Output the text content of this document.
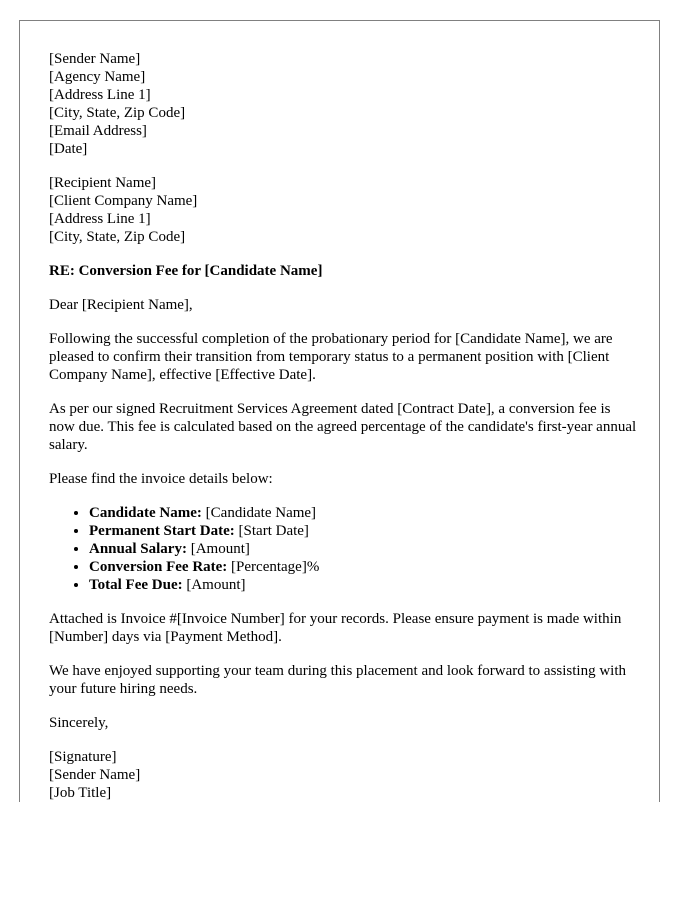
[Sender Name]
[Agency Name]
[Address Line 1]
[City, State, Zip Code]
[Email Address]
[Date]
[Recipient Name]
[Client Company Name]
[Address Line 1]
[City, State, Zip Code]

RE: Conversion Fee for [Candidate Name]

Dear [Recipient Name],

Following the successful completion of the probationary period for [Candidate Name], we are pleased to confirm their transition from temporary status to a permanent position with [Client Company Name], effective [Effective Date].

As per our signed Recruitment Services Agreement dated [Contract Date], a conversion fee is now due. This fee is calculated based on the agreed percentage of the candidate's first-year annual salary.

Please find the invoice details below:

• Candidate Name: [Candidate Name]
• Permanent Start Date: [Start Date]
• Annual Salary: [Amount]
• Conversion Fee Rate: [Percentage]%
• Total Fee Due: [Amount]

Attached is Invoice #[Invoice Number] for your records. Please ensure payment is made within [Number] days via [Payment Method].

We have enjoyed supporting your team during this placement and look forward to assisting with your future hiring needs.

Sincerely,

[Signature]
[Sender Name]
[Job Title]
